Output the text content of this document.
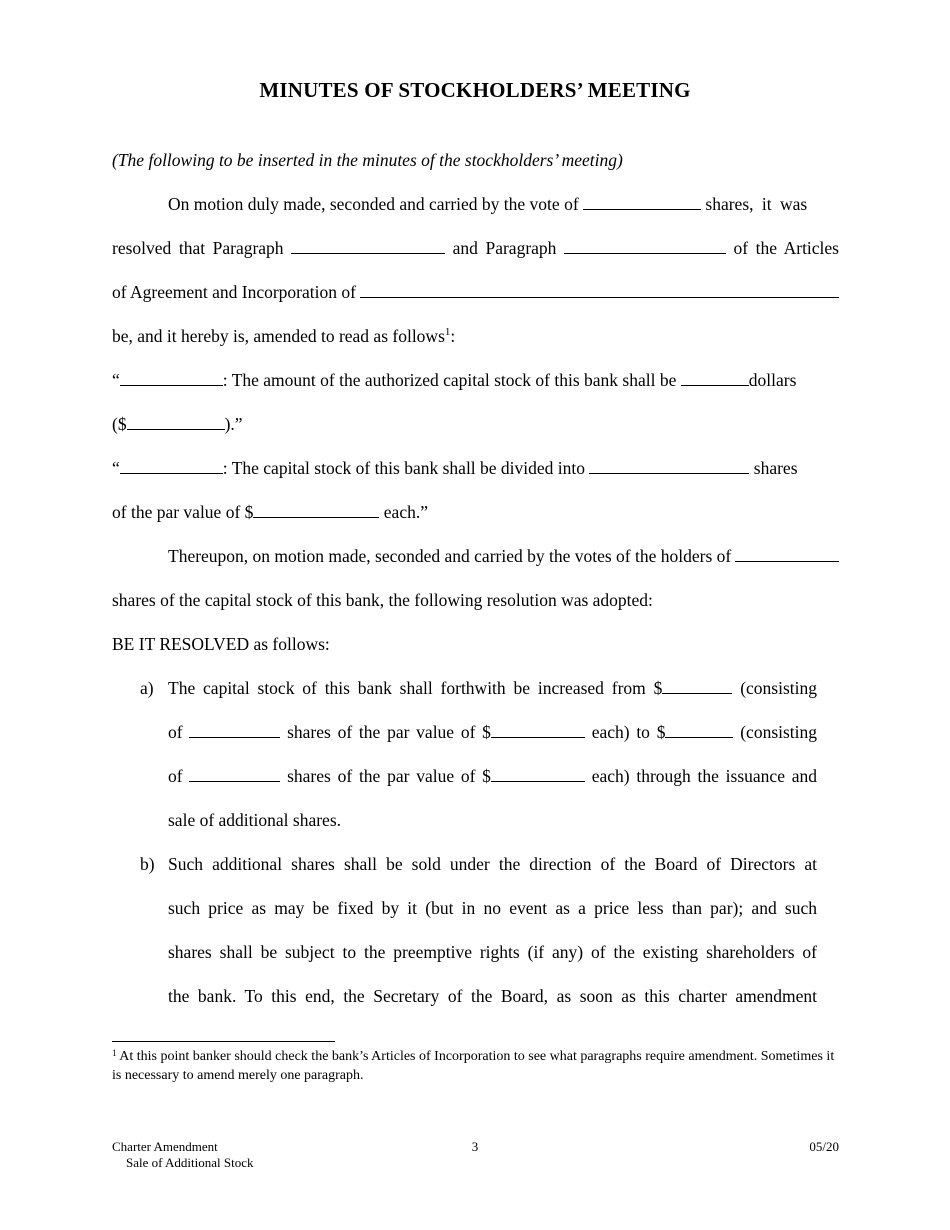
MINUTES OF STOCKHOLDERS’ MEETING
(The following to be inserted in the minutes of the stockholders’ meeting)
On motion duly made, seconded and carried by the vote of	shares, it was
resolved that Paragraph	and Paragraph	of the Articles
of Agreement and Incorporation of
be, and it hereby is, amended to read as follows$^1$:
“	: The amount of the authorized capital stock of this bank shall be	dollars
($	).”
“	: The capital stock of this bank shall be divided into	shares
of the par value of $	each.”
Thereupon, on motion made, seconded and carried by the votes of the holders of
shares of the capital stock of this bank, the following resolution was adopted:
BE IT RESOLVED as follows:
a) The capital stock of this bank shall forthwith be increased from $	(consisting
of	shares of the par value of $	each) to $	(consisting
of	shares of the par value of $	each) through the issuance and
sale of additional shares.
b) Such additional shares shall be sold under the direction of the Board of Directors at
such price as may be fixed by it (but in no event as a price less than par); and such
shares shall be subject to the preemptive rights (if any) of the existing shareholders of
the bank. To this end, the Secretary of the Board, as soon as this charter amendment
$^1$ At this point banker should check the bank’s Articles of Incorporation to see what paragraphs require amendment. Sometimes it is necessary to amend merely one paragraph.
Charter Amendment
Sale of Additional Stock
3	05/20
